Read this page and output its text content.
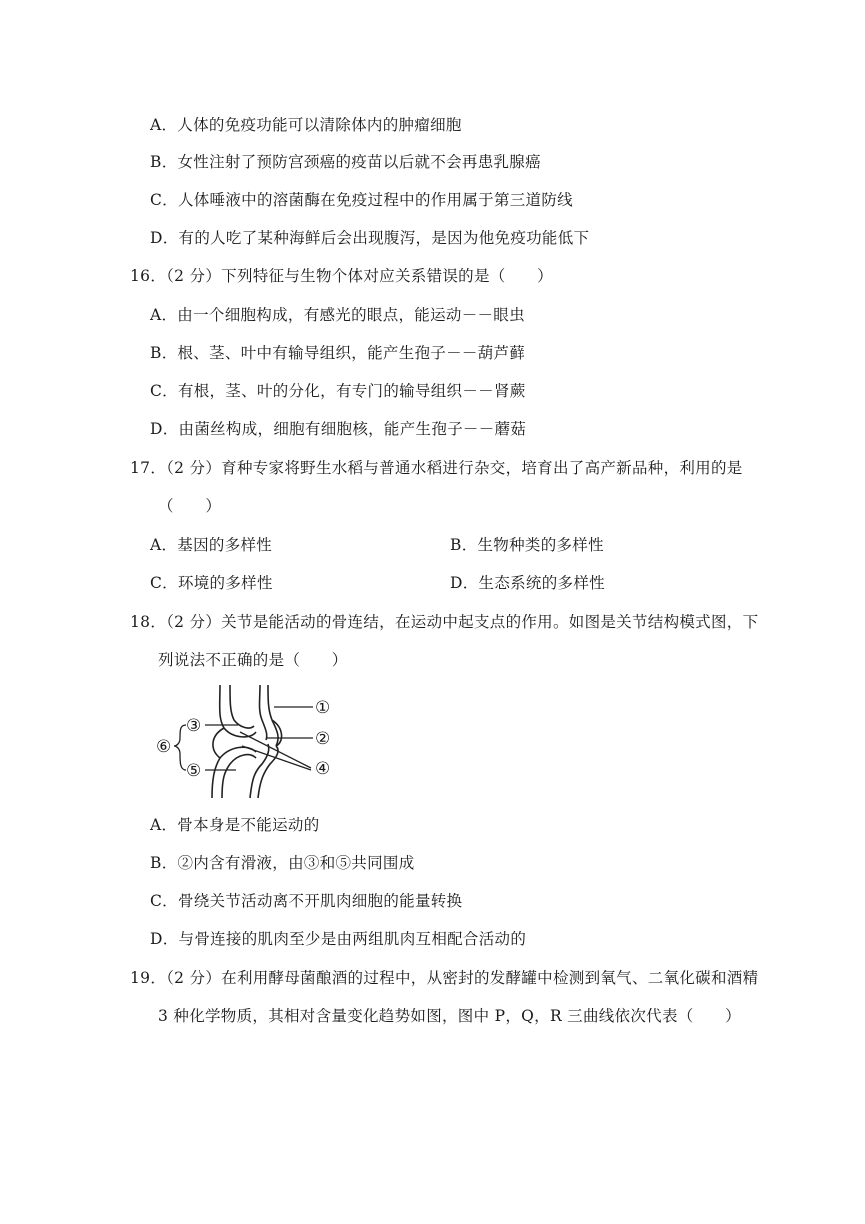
A．人体的免疫功能可以清除体内的肿瘤细胞
B．女性注射了预防宫颈癌的疫苗以后就不会再患乳腺癌
C．人体唾液中的溶菌酶在免疫过程中的作用属于第三道防线
D．有的人吃了某种海鲜后会出现腹泻，是因为他免疫功能低下
16．（2 分）下列特征与生物个体对应关系错误的是（　　）
A．由一个细胞构成，有感光的眼点，能运动－－眼虫
B．根、茎、叶中有输导组织，能产生孢子－－葫芦藓
C．有根，茎、叶的分化，有专门的输导组织－－肾蕨
D．由菌丝构成，细胞有细胞核，能产生孢子－－蘑菇
17．（2 分）育种专家将野生水稻与普通水稻进行杂交，培育出了高产新品种，利用的是
（　　）
A．基因的多样性	B．生物种类的多样性
C．环境的多样性	D．生态系统的多样性
18．（2 分）关节是能活动的骨连结，在运动中起支点的作用。如图是关节结构模式图，下
列说法不正确的是（　　）
①
②
③
④
⑤
⑥
A．骨本身是不能运动的
B．②内含有滑液，由③和⑤共同围成
C．骨绕关节活动离不开肌肉细胞的能量转换
D．与骨连接的肌肉至少是由两组肌肉互相配合活动的
19．（2 分）在利用酵母菌酿酒的过程中，从密封的发酵罐中检测到氧气、二氧化碳和酒精
3 种化学物质，其相对含量变化趋势如图，图中 P，Q，R 三曲线依次代表（　　）
